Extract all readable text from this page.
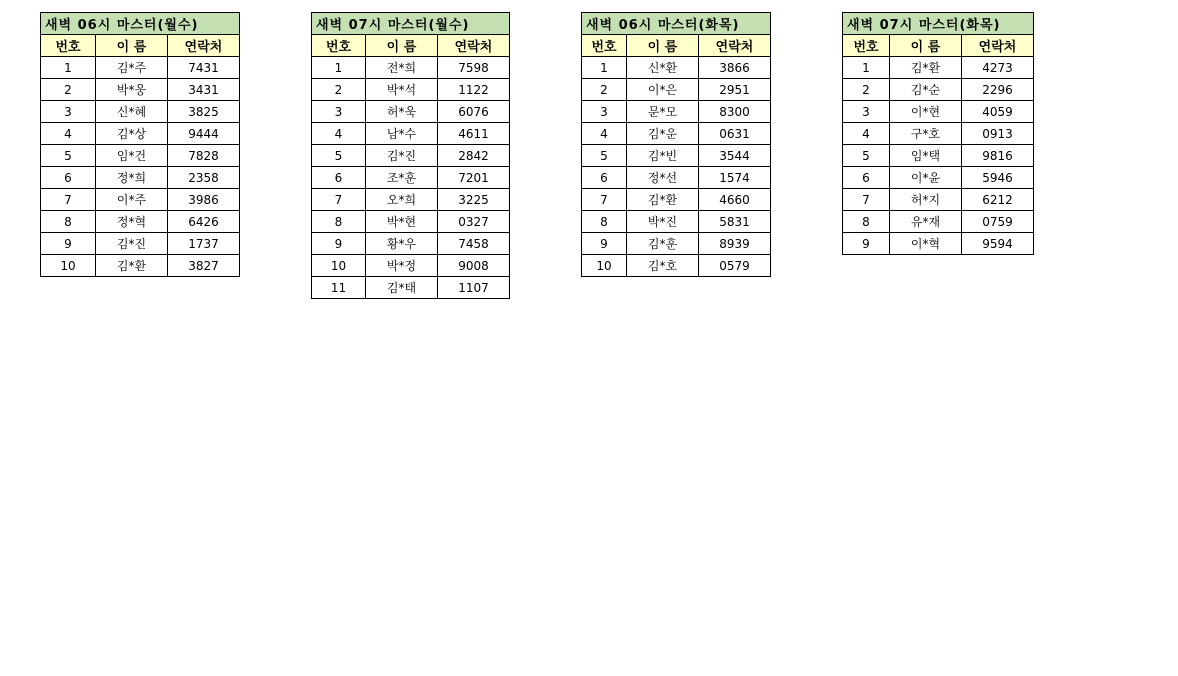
새벽 06시 마스터(월수)		
번호	이 름	연락처
1	김*주	7431
2	박*웅	3431
3	신*혜	3825
4	김*상	9444
5	임*건	7828
6	정*희	2358
7	이*주	3986
8	정*혁	6426
9	김*진	1737
10	김*환	3827
새벽 07시 마스터(월수)		
번호	이 름	연락처
1	전*희	7598
2	박*석	1122
3	허*욱	6076
4	남*수	4611
5	김*진	2842
6	조*훈	7201
7	오*희	3225
8	박*현	0327
9	황*우	7458
10	박*정	9008
11	김*태	1107
새벽 06시 마스터(화목)		
번호	이 름	연락처
1	신*환	3866
2	이*은	2951
3	문*모	8300
4	김*운	0631
5	김*빈	3544
6	정*선	1574
7	김*환	4660
8	박*진	5831
9	김*훈	8939
10	김*호	0579
새벽 07시 마스터(화목)		
번호	이 름	연락처
1	김*환	4273
2	김*순	2296
3	이*현	4059
4	구*호	0913
5	임*택	9816
6	이*윤	5946
7	허*지	6212
8	유*재	0759
9	이*혁	9594
